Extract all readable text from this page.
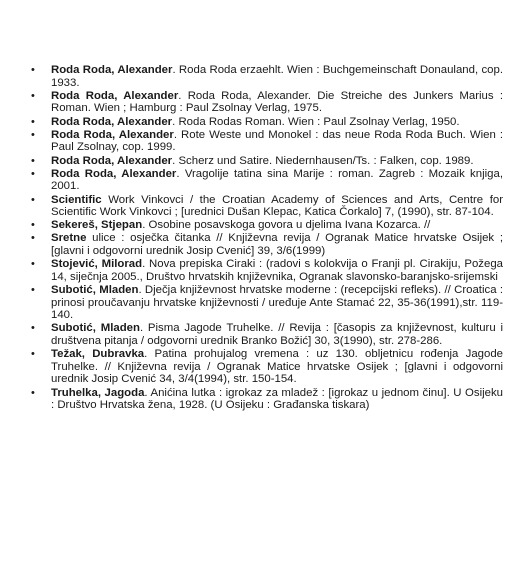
• Roda Roda, Alexander. Roda Roda erzaehlt. Wien : Buchgemeinschaft Donauland, cop. 1933.
• Roda Roda, Alexander. Roda Roda, Alexander. Die Streiche des Junkers Marius : Roman. Wien ; Hamburg : Paul Zsolnay Verlag, 1975.
• Roda Roda, Alexander. Roda Rodas Roman. Wien : Paul Zsolnay Verlag, 1950.
• Roda Roda, Alexander. Rote Weste und Monokel : das neue Roda Roda Buch. Wien : Paul Zsolnay, cop. 1999.
• Roda Roda, Alexander. Scherz und Satire. Niedernhausen/Ts. : Falken, cop. 1989.
• Roda Roda, Alexander. Vragolije tatina sina Marije : roman. Zagreb : Mozaik knjiga, 2001.
• Scientific Work Vinkovci / the Croatian Academy of Sciences and Arts, Centre for Scientific Work Vinkovci ; [urednici Dušan Klepac, Katica Čorkalo] 7, (1990), str. 87-104.
• Sekereš, Stjepan. Osobine posavskoga govora u djelima Ivana Kozarca. //
• Sretne ulice : osječka čitanka // Književna revija / Ogranak Matice hrvatske Osijek ; [glavni i odgovorni urednik Josip Cvenić] 39, 3/6(1999)
• Stojević, Milorad. Nova prepiska Ciraki : (radovi s kolokvija o Franji pl. Cirakiju, Požega 14, siječnja 2005., Društvo hrvatskih književnika, Ogranak slavonsko-baranjsko-srijemski
• Subotić, Mladen. Dječja književnost hrvatske moderne : (recepcijski refleks). // Croatica : prinosi proučavanju hrvatske književnosti / uređuje Ante Stamać 22, 35-36(1991),str. 119-140.
• Subotić, Mladen. Pisma Jagode Truhelke. // Revija : [časopis za književnost, kulturu i društvena pitanja / odgovorni urednik Branko Božić] 30, 3(1990), str. 278-286.
• Težak, Dubravka. Patina prohujalog vremena : uz 130. obljetnicu rođenja Jagode Truhelke. // Književna revija / Ogranak Matice hrvatske Osijek ; [glavni i odgovorni urednik Josip Cvenić 34, 3/4(1994), str. 150-154.
• Truhelka, Jagoda. Anićina lutka : igrokaz za mladež : [igrokaz u jednom činu]. U Osijeku : Društvo Hrvatska žena, 1928. (U Osijeku : Građanska tiskara)
